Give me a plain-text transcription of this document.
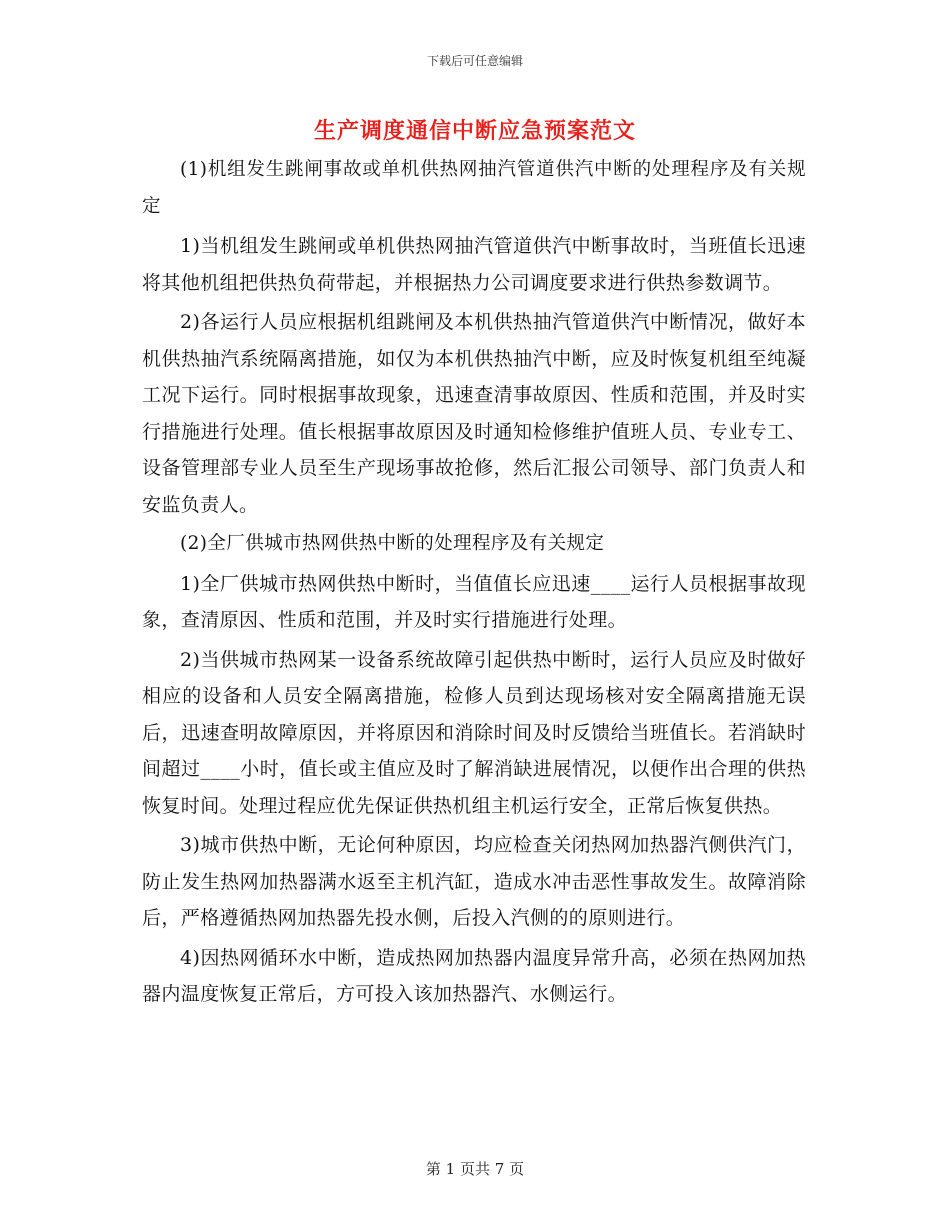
下载后可任意编辑
生产调度通信中断应急预案范文

(1)机组发生跳闸事故或单机供热网抽汽管道供汽中断的处理程序及有关规定

1)当机组发生跳闸或单机供热网抽汽管道供汽中断事故时，当班值长迅速将其他机组把供热负荷带起，并根据热力公司调度要求进行供热参数调节。

2)各运行人员应根据机组跳闸及本机供热抽汽管道供汽中断情况，做好本机供热抽汽系统隔离措施，如仅为本机供热抽汽中断，应及时恢复机组至纯凝工况下运行。同时根据事故现象，迅速查清事故原因、性质和范围，并及时实行措施进行处理。值长根据事故原因及时通知检修维护值班人员、专业专工、设备管理部专业人员至生产现场事故抢修，然后汇报公司领导、部门负责人和安监负责人。

(2)全厂供城市热网供热中断的处理程序及有关规定

1)全厂供城市热网供热中断时，当值值长应迅速____运行人员根据事故现象，查清原因、性质和范围，并及时实行措施进行处理。

2)当供城市热网某一设备系统故障引起供热中断时，运行人员应及时做好相应的设备和人员安全隔离措施，检修人员到达现场核对安全隔离措施无误后，迅速查明故障原因，并将原因和消除时间及时反馈给当班值长。若消缺时间超过____小时，值长或主值应及时了解消缺进展情况，以便作出合理的供热恢复时间。处理过程应优先保证供热机组主机运行安全，正常后恢复供热。

3)城市供热中断，无论何种原因，均应检查关闭热网加热器汽侧供汽门，防止发生热网加热器满水返至主机汽缸，造成水冲击恶性事故发生。故障消除后，严格遵循热网加热器先投水侧，后投入汽侧的的原则进行。

4)因热网循环水中断，造成热网加热器内温度异常升高，必须在热网加热器内温度恢复正常后，方可投入该加热器汽、水侧运行。

第 1 页共 7 页
